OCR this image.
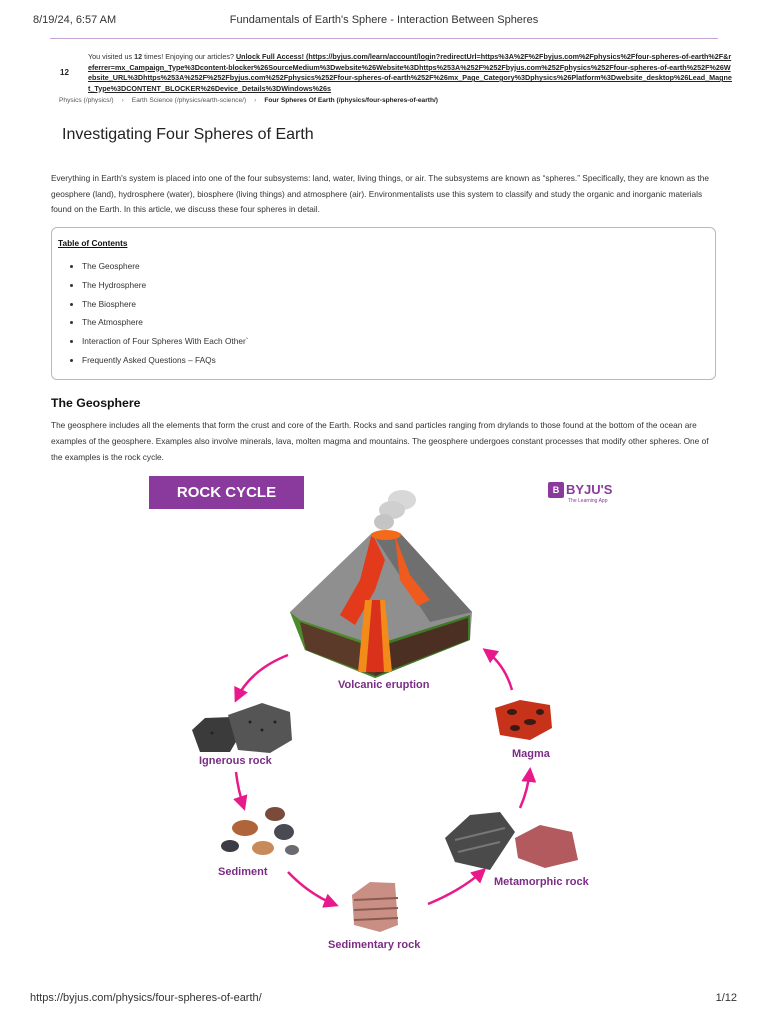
8/19/24, 6:57 AM	Fundamentals of Earth's Sphere - Interaction Between Spheres
12
You visited us 12 times! Enjoying our articles? Unlock Full Access! (https://byjus.com/learn/account/login?redirectUrl=https%3A%2F%2Fbyjus.com%2Fphysics%2Ffour-spheres-of-earth%2F&referrer=mx_Campaign_Type%3Dcontent-blocker%26SourceMedium%3Dwebsite%26Website%3Dhttps%253A%252F%252Fbyjus.com%252Fphysics%252Ffour-spheres-of-earth%252F%26Website_URL%3Dhttps%253A%252F%252Fbyjus.com%252Fphysics%252Ffour-spheres-of-earth%252F%26mx_Page_Category%3Dphysics%26Platform%3Dwebsite_desktop%26Lead_Magnet_Type%3DCONTENT_BLOCKER%26Device_Details%3DWindows%26s
Physics (/physics/) › Earth Science (/physics/earth-science/) › Four Spheres Of Earth (/physics/four-spheres-of-earth/)
Investigating Four Spheres of Earth

Everything in Earth's system is placed into one of the four subsystems: land, water, living things, or air. The subsystems are known as “spheres.” Specifically, they are known as the geosphere (land), hydrosphere (water), biosphere (living things) and atmosphere (air). Environmentalists use this system to classify and study the organic and inorganic materials found on the Earth. In this article, we discuss these four spheres in detail.

Table of Contents
• The Geosphere
• The Hydrosphere
• The Biosphere
• The Atmosphere
• Interaction of Four Spheres With Each Other`
• Frequently Asked Questions – FAQs
The Geosphere

The geosphere includes all the elements that form the crust and core of the Earth. Rocks and sand particles ranging from drylands to those found at the bottom of the ocean are examples of the geosphere. Examples also involve minerals, lava, molten magma and mountains. The geosphere undergoes constant processes that modify other spheres. One of the examples is the rock cycle.

ROCK CYCLE	B BYJU'S
The Learning App
Volcanic eruption
Ignerous rock
Sediment
Sedimentary rock
Metamorphic rock
Magma
https://byjus.com/physics/four-spheres-of-earth/	1/12
